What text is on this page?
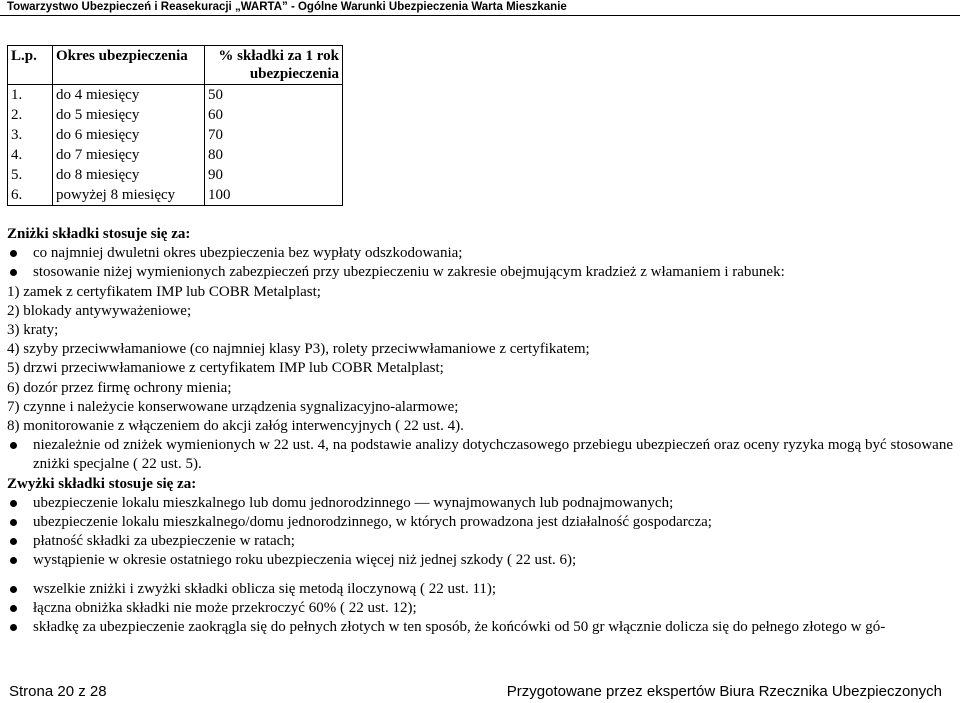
Towarzystwo Ubezpieczeń i Reasekuracji „WARTA” - Ogólne Warunki Ubezpieczenia Warta Mieszkanie
L.p.	Okres ubezpieczenia	% składki za 1 rok ubezpieczenia
1.	do 4 miesięcy	50
2.	do 5 miesięcy	60
3.	do 6 miesięcy	70
4.	do 7 miesięcy	80
5.	do 8 miesięcy	90
6.	powyżej 8 miesięcy	100

Zniżki składki stosuje się za:

co najmniej dwuletni okres ubezpieczenia bez wypłaty odszkodowania;
stosowanie niżej wymienionych zabezpieczeń przy ubezpieczeniu w zakresie obejmującym kradzież z włamaniem i rabunek:

1) zamek z certyfikatem IMP lub COBR Metalplast;

2) blokady antywyważeniowe;

3) kraty;

4) szyby przeciwwłamaniowe (co najmniej klasy P3), rolety przeciwwłamaniowe z certyfikatem;

5) drzwi przeciwwłamaniowe z certyfikatem IMP lub COBR Metalplast;

6) dozór przez firmę ochrony mienia;

7) czynne i należycie konserwowane urządzenia sygnalizacyjno-alarmowe;

8) monitorowanie z włączeniem do akcji załóg interwencyjnych ( 22 ust. 4).

niezależnie od zniżek wymienionych w 22 ust. 4, na podstawie analizy dotychczasowego przebiegu ubezpieczeń oraz oceny ryzyka mogą być stosowane zniżki specjalne ( 22 ust. 5).

Zwyżki składki stosuje się za:

ubezpieczenie lokalu mieszkalnego lub domu jednorodzinnego — wynajmowanych lub podnajmowanych;
ubezpieczenie lokalu mieszkalnego/domu jednorodzinnego, w których prowadzona jest działalność gospodarcza;
płatność składki za ubezpieczenie w ratach;
wystąpienie w okresie ostatniego roku ubezpieczenia więcej niż jednej szkody ( 22 ust. 6);
wszelkie zniżki i zwyżki składki oblicza się metodą iloczynową ( 22 ust. 11);
łączna obniżka składki nie może przekroczyć 60% ( 22 ust. 12);
składkę za ubezpieczenie zaokrągla się do pełnych złotych w ten sposób, że końcówki od 50 gr włącznie dolicza się do pełnego złotego w gó-
Strona 20 z 28	Przygotowane przez ekspertów Biura Rzecznika Ubezpieczonych
